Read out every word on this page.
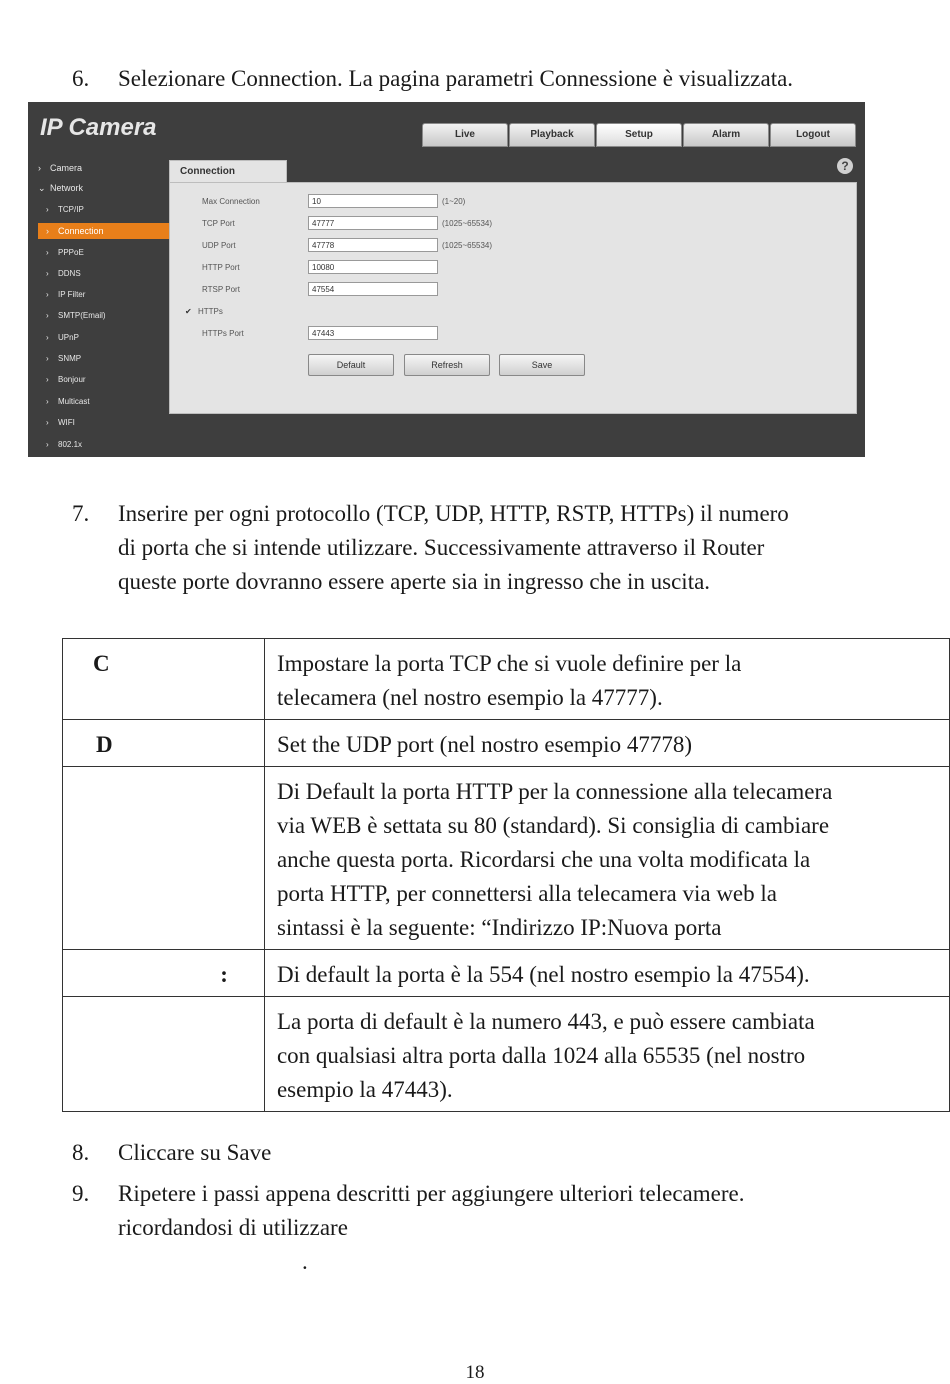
6. Selezionare Connection. La pagina parametri Connessione è visualizzata.
IP Camera	Live	Playback	Setup	Alarm	Logout
?
› Camera
⌄ Network
› TCP/IP
› Connection
› PPPoE
› DDNS
› IP Filter
› SMTP(Email)
› UPnP
› SNMP
› Bonjour
› Multicast
› WIFI
› 802.1x
Connection
Max Connection	10	(1~20)
TCP Port	47777	(1025~65534)
UDP Port	47778	(1025~65534)
HTTP Port	10080
RTSP Port	47554
✔ HTTPs
HTTPs Port	47443
Default	Refresh	Save
7. Inserire per ogni protocollo (TCP, UDP, HTTP, RSTP, HTTPs) il numero
di porta che si intende utilizzare. Successivamente attraverso il Router
queste porte dovranno essere aperte sia in ingresso che in uscita.
C	Impostare la porta TCP che si vuole definire per la
telecamera (nel nostro esempio la 47777).

D	Set the UDP port (nel nostro esempio 47778)

	Di Default la porta HTTP per la connessione alla telecamera
via WEB è settata su 80 (standard). Si consiglia di cambiare
anche questa porta. Ricordarsi che una volta modificata la
porta HTTP, per connettersi alla telecamera via web la
sintassi è la seguente: “Indirizzo IP:Nuova porta

:	Di default la porta è la 554 (nel nostro esempio la 47554).

	La porta di default è la numero 443, e può essere cambiata
con qualsiasi altra porta dalla 1024 alla 65535 (nel nostro
esempio la 47443).
8. Cliccare su Save
9. Ripetere i passi appena descritti per aggiungere ulteriori telecamere.
ricordandosi di utilizzare
.
18
